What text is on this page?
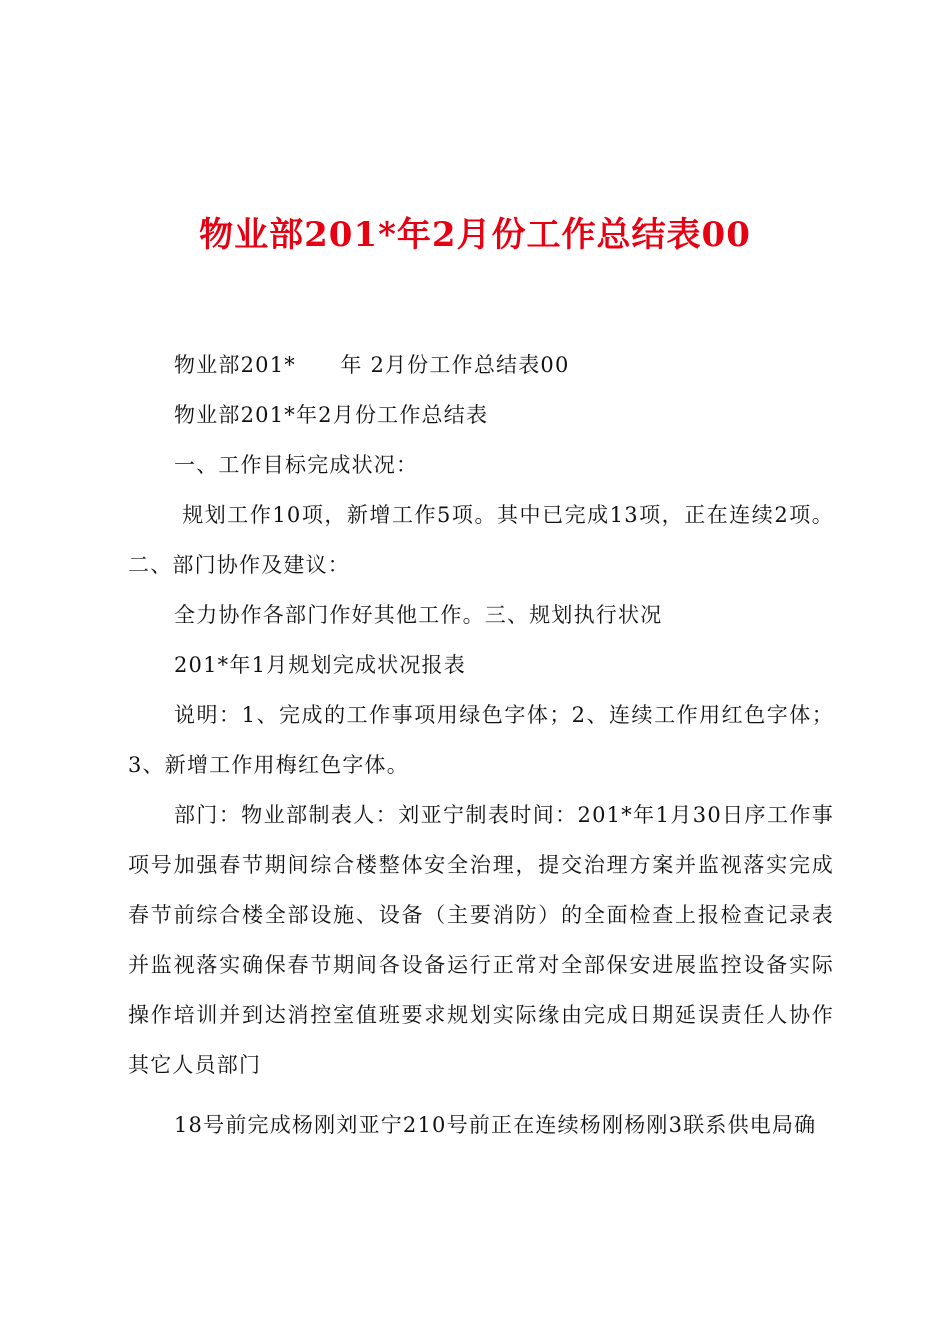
物业部201*年2月份工作总结表00

物业部201*　　年 2月份工作总结表00

物业部201*年2月份工作总结表

一、工作目标完成状况：

规划工作10项，新增工作5项。其中已完成13项，正在连续2项。二、部门协作及建议：

全力协作各部门作好其他工作。三、规划执行状况

201*年1月规划完成状况报表

说明：1、完成的工作事项用绿色字体；2、连续工作用红色字体；3、新增工作用梅红色字体。

部门：物业部制表人：刘亚宁制表时间：201*年1月30日序工作事项号加强春节期间综合楼整体安全治理，提交治理方案并监视落实完成春节前综合楼全部设施、设备（主要消防）的全面检查上报检查记录表并监视落实确保春节期间各设备运行正常对全部保安进展监控设备实际操作培训并到达消控室值班要求规划实际缘由完成日期延误责任人协作其它人员部门

18号前完成杨刚刘亚宁210号前正在连续杨刚杨刚3联系供电局确
